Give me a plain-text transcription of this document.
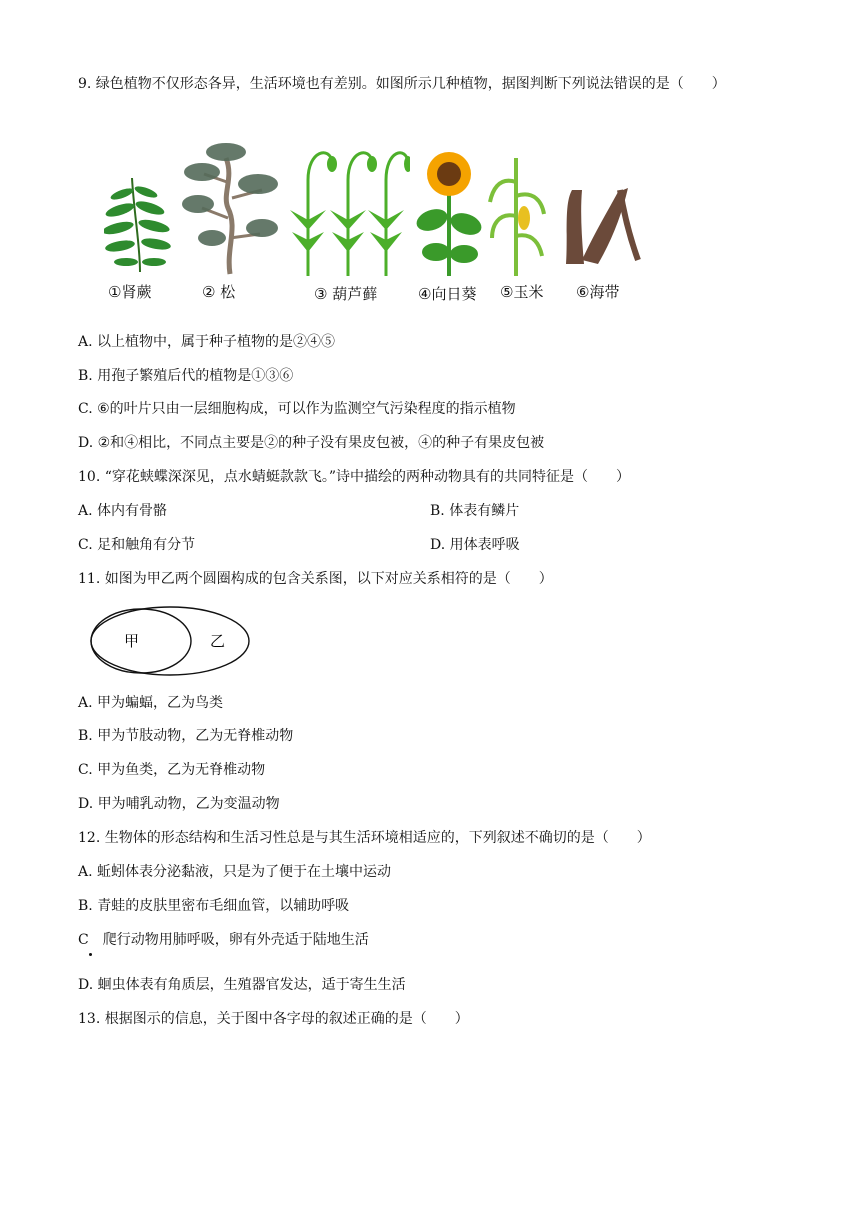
9. 绿色植物不仅形态各异，生活环境也有差别。如图所示几种植物，据图判断下列说法错误的是（　　）
①肾蕨	② 松	③ 葫芦藓	④向日葵 ⑤玉米 ⑥海带
A. 以上植物中，属于种子植物的是②④⑤
B. 用孢子繁殖后代的植物是①③⑥
C. ⑥的叶片只由一层细胞构成，可以作为监测空气污染程度的指示植物
D. ②和④相比，不同点主要是②的种子没有果皮包被，④的种子有果皮包被
10. “穿花蛱蝶深深见，点水蜻蜓款款飞。”诗中描绘的两种动物具有的共同特征是（　　）
A. 体内有骨骼	B. 体表有鳞片
C. 足和触角有分节	D. 用体表呼吸
11. 如图为甲乙两个圆圈构成的包含关系图，以下对应关系相符的是（　　）
甲	乙
A. 甲为蝙蝠，乙为鸟类
B. 甲为节肢动物，乙为无脊椎动物
C. 甲为鱼类，乙为无脊椎动物
D. 甲为哺乳动物，乙为变温动物
12. 生物体的形态结构和生活习性总是与其生活环境相适应的，下列叙述不确切的是（　　）
A. 蚯蚓体表分泌黏液，只是为了便于在土壤中运动
B. 青蛙的皮肤里密布毛细血管，以辅助呼吸
C　爬行动物用肺呼吸，卵有外壳适于陆地生活
D. 蛔虫体表有角质层，生殖器官发达，适于寄生生活
13. 根据图示的信息，关于图中各字母的叙述正确的是（　　）
